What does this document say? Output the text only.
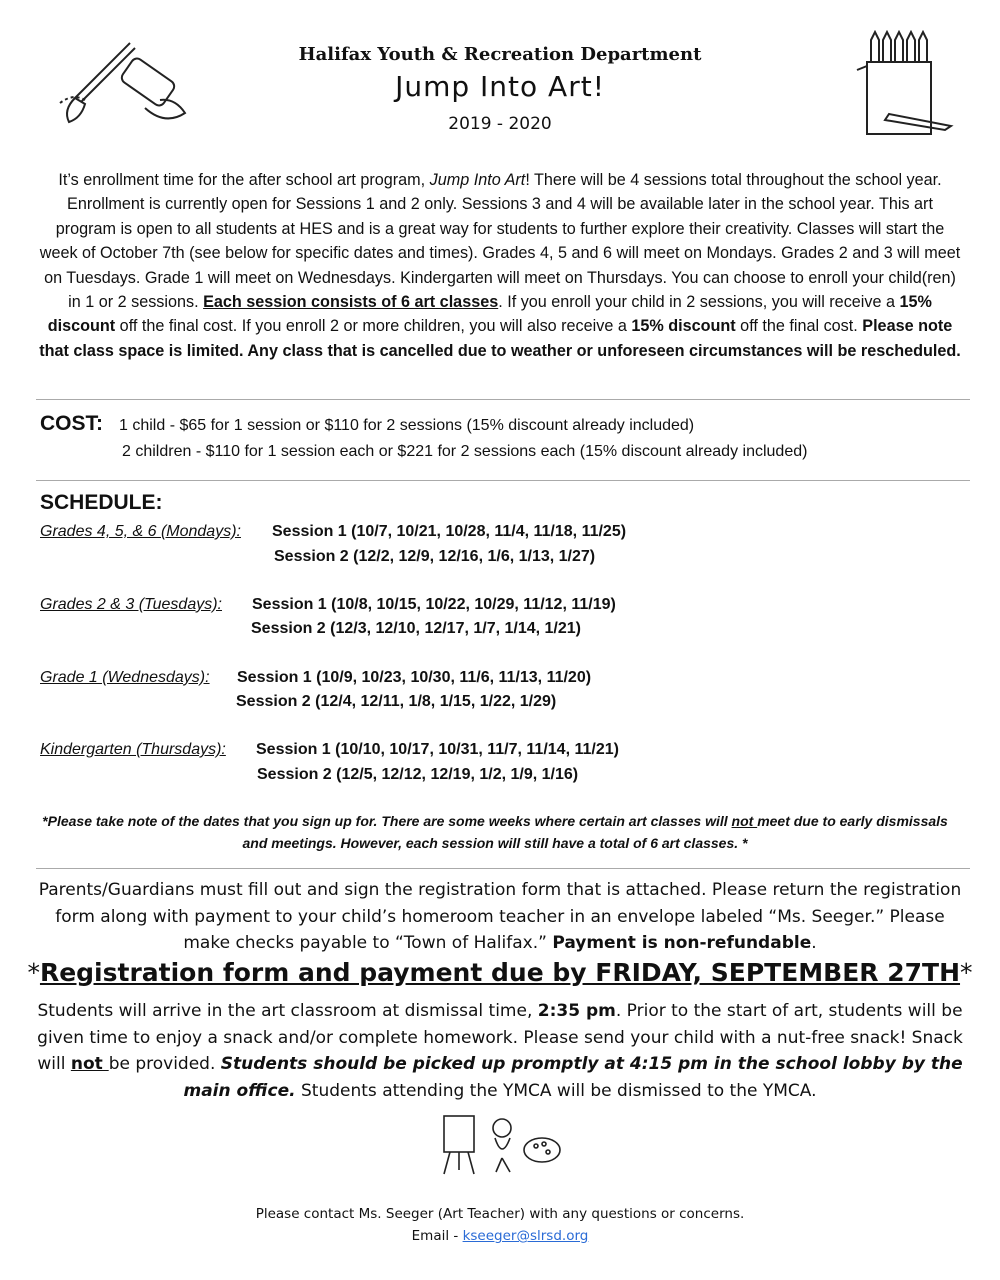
Halifax Youth & Recreation Department
Jump Into Art!
2019 - 2020
It’s enrollment time for the after school art program, Jump Into Art! There will be 4 sessions total throughout the school year. Enrollment is currently open for Sessions 1 and 2 only. Sessions 3 and 4 will be available later in the school year. This art program is open to all students at HES and is a great way for students to further explore their creativity. Classes will start the week of October 7th (see below for specific dates and times). Grades 4, 5 and 6 will meet on Mondays. Grades 2 and 3 will meet on Tuesdays. Grade 1 will meet on Wednesdays. Kindergarten will meet on Thursdays. You can choose to enroll your child(ren) in 1 or 2 sessions. Each session consists of 6 art classes. If you enroll your child in 2 sessions, you will receive a 15% discount off the final cost. If you enroll 2 or more children, you will also receive a 15% discount off the final cost. Please note that class space is limited. Any class that is cancelled due to weather or unforeseen circumstances will be rescheduled.
COST: 1 child - $65 for 1 session or $110 for 2 sessions (15% discount already included)
2 children - $110 for 1 session each or $221 for 2 sessions each (15% discount already included)
SCHEDULE:
Grades 4, 5, & 6 (Mondays): Session 1 (10/7, 10/21, 10/28, 11/4, 11/18, 11/25)
Session 2 (12/2, 12/9, 12/16, 1/6, 1/13, 1/27)
Grades 2 & 3 (Tuesdays): Session 1 (10/8, 10/15, 10/22, 10/29, 11/12, 11/19)
Session 2 (12/3, 12/10, 12/17, 1/7, 1/14, 1/21)
Grade 1 (Wednesdays): Session 1 (10/9, 10/23, 10/30, 11/6, 11/13, 11/20)
Session 2 (12/4, 12/11, 1/8, 1/15, 1/22, 1/29)
Kindergarten (Thursdays): Session 1 (10/10, 10/17, 10/31, 11/7, 11/14, 11/21)
Session 2 (12/5, 12/12, 12/19, 1/2, 1/9, 1/16)
*Please take note of the dates that you sign up for. There are some weeks where certain art classes will not meet due to early dismissals and meetings. However, each session will still have a total of 6 art classes. *
Parents/Guardians must fill out and sign the registration form that is attached. Please return the registration form along with payment to your child’s homeroom teacher in an envelope labeled “Ms. Seeger.” Please make checks payable to “Town of Halifax.” Payment is non-refundable.
*Registration form and payment due by FRIDAY, SEPTEMBER 27TH*
Students will arrive in the art classroom at dismissal time, 2:35 pm. Prior to the start of art, students will be given time to enjoy a snack and/or complete homework. Please send your child with a nut-free snack! Snack will not be provided. Students should be picked up promptly at 4:15 pm in the school lobby by the main office. Students attending the YMCA will be dismissed to the YMCA.
Please contact Ms. Seeger (Art Teacher) with any questions or concerns.
Email - kseeger@slrsd.org
